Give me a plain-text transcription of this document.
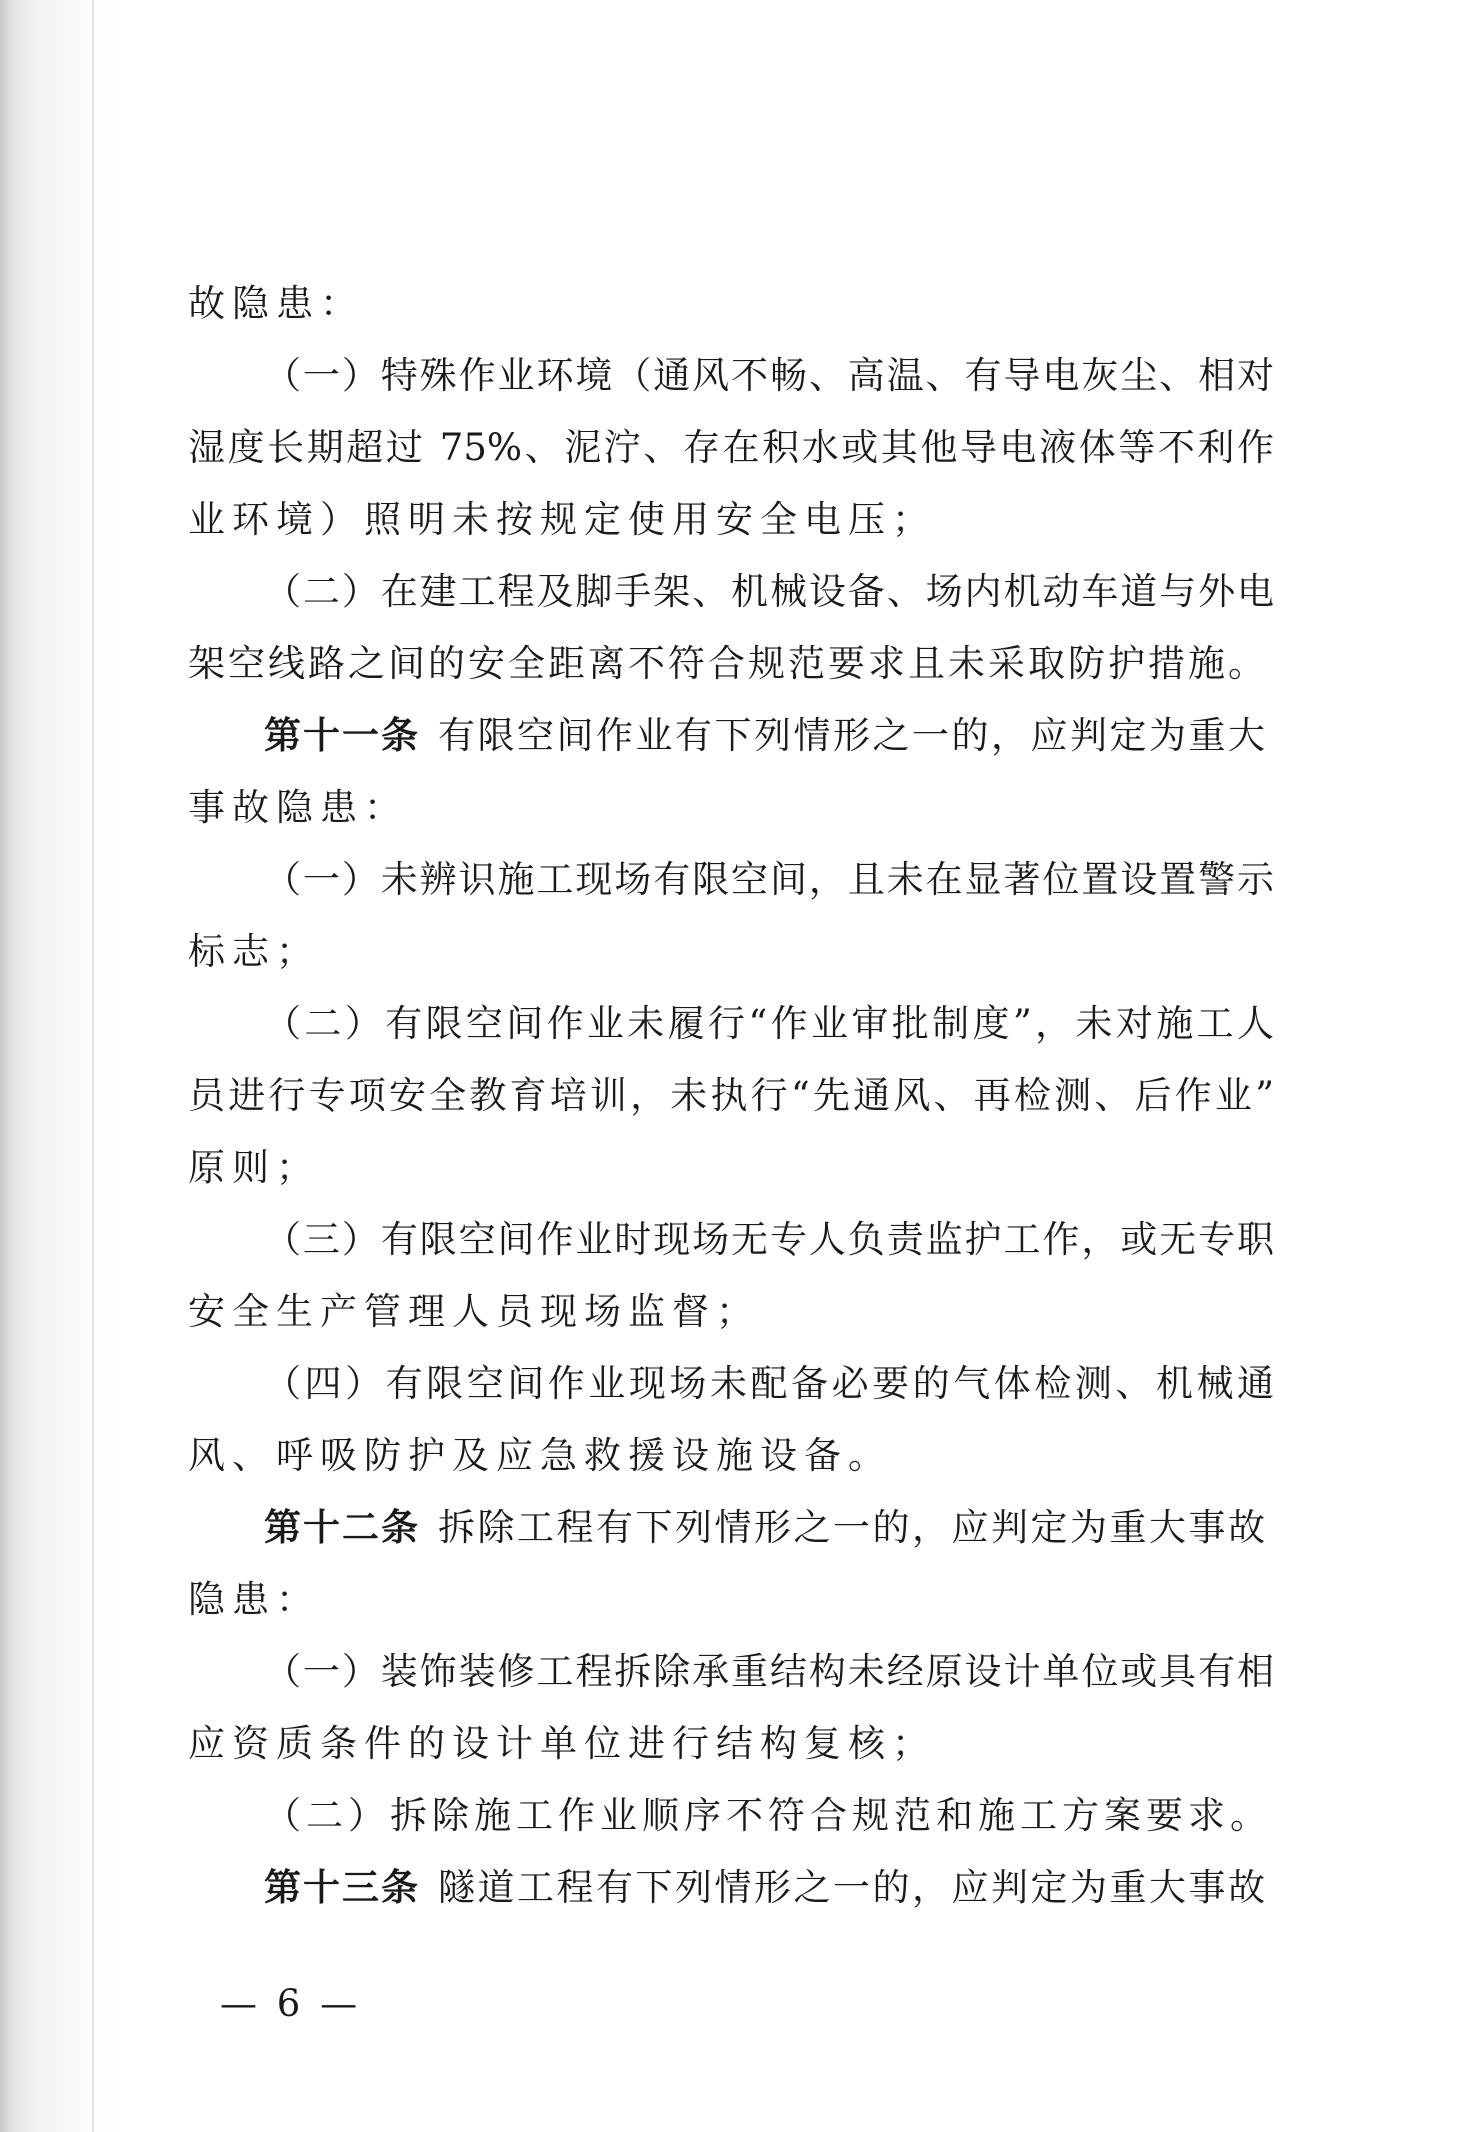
故隐患：
（一）特殊作业环境（通风不畅、高温、有导电灰尘、相对
湿度长期超过 75%、泥泞、存在积水或其他导电液体等不利作
业环境）照明未按规定使用安全电压；
（二）在建工程及脚手架、机械设备、场内机动车道与外电
架空线路之间的安全距离不符合规范要求且未采取防护措施。
第十一条 有限空间作业有下列情形之一的，应判定为重大
事故隐患：
（一）未辨识施工现场有限空间，且未在显著位置设置警示
标志；
（二）有限空间作业未履行“作业审批制度”，未对施工人
员进行专项安全教育培训，未执行“先通风、再检测、后作业”
原则；
（三）有限空间作业时现场无专人负责监护工作，或无专职
安全生产管理人员现场监督；
（四）有限空间作业现场未配备必要的气体检测、机械通
风、呼吸防护及应急救援设施设备。
第十二条 拆除工程有下列情形之一的，应判定为重大事故
隐患：
（一）装饰装修工程拆除承重结构未经原设计单位或具有相
应资质条件的设计单位进行结构复核；
（二）拆除施工作业顺序不符合规范和施工方案要求。
第十三条 隧道工程有下列情形之一的，应判定为重大事故
— 6 —
